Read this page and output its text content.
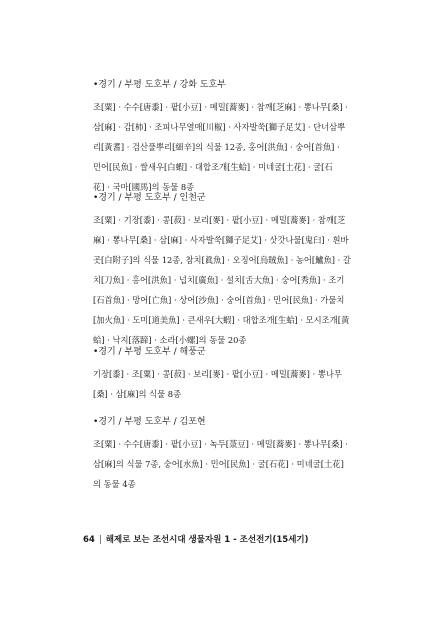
•경기 / 부평 도호부 / 강화 도호부

조[粟] · 수수[唐黍] · 팥[小豆] · 메밀[蕎麥] · 참깨[芝麻] · 뽕나무[桑] ·
삼[麻] · 감[柿] · 조피나무열매[川椒] · 사자발쑥[獅子足艾] · 단너삼뿌
리[黃耆] · 검산풀뿌리[細辛]의 식물 12종, 홍어[洪魚] · 숭어[首魚] ·
민어[民魚] · 쌀새우[白蝦] · 대합조개[生蛤] · 미네굴[土花] · 굴[石
花] · 국마[國馬]의 동물 8종

•경기 / 부평 도호부 / 인천군

조[粟] · 기장[黍] · 콩[菽] · 보리[麥] · 팥[小豆] · 메밀[蕎麥] · 참깨[芝
麻] · 뽕나무[桑] · 삼[麻] · 사자발쑥[獅子足艾] · 삿갓나물[鬼臼] · 흰바
곳[白附子]의 식물 12종, 참치[眞魚] · 오징어[烏賊魚] · 농어[鱸魚] · 갈
치[刀魚] · 홍어[洪魚] · 넙치[廣魚] · 설치[舌大魚] · 숭어[秀魚] · 조기
[石首魚] · 망어[亡魚] · 상어[沙魚] · 숭어[首魚] · 민어[民魚] · 가물치
[加火魚] · 도미[道美魚] · 큰새우[大蝦] · 대합조개[生蛤] · 모시조개[黃
蛤] · 낙지[落蹄] · 소라[小螺]의 동물 20종

•경기 / 부평 도호부 / 해풍군

기장[黍] · 조[粟] · 콩[菽] · 보리[麥] · 팥[小豆] · 메밀[蕎麥] · 뽕나무
[桑] · 삼[麻]의 식물 8종

•경기 / 부평 도호부 / 김포현

조[粟] · 수수[唐黍] · 팥[小豆] · 녹두[菉豆] · 메밀[蕎麥] · 뽕나무[桑] ·
삼[麻]의 식물 7종, 숭어[水魚] · 민어[民魚] · 굴[石花] · 미네굴[土花]
의 동물 4종

64 | 해제로 보는 조선시대 생물자원 1 - 조선전기(15세기)
